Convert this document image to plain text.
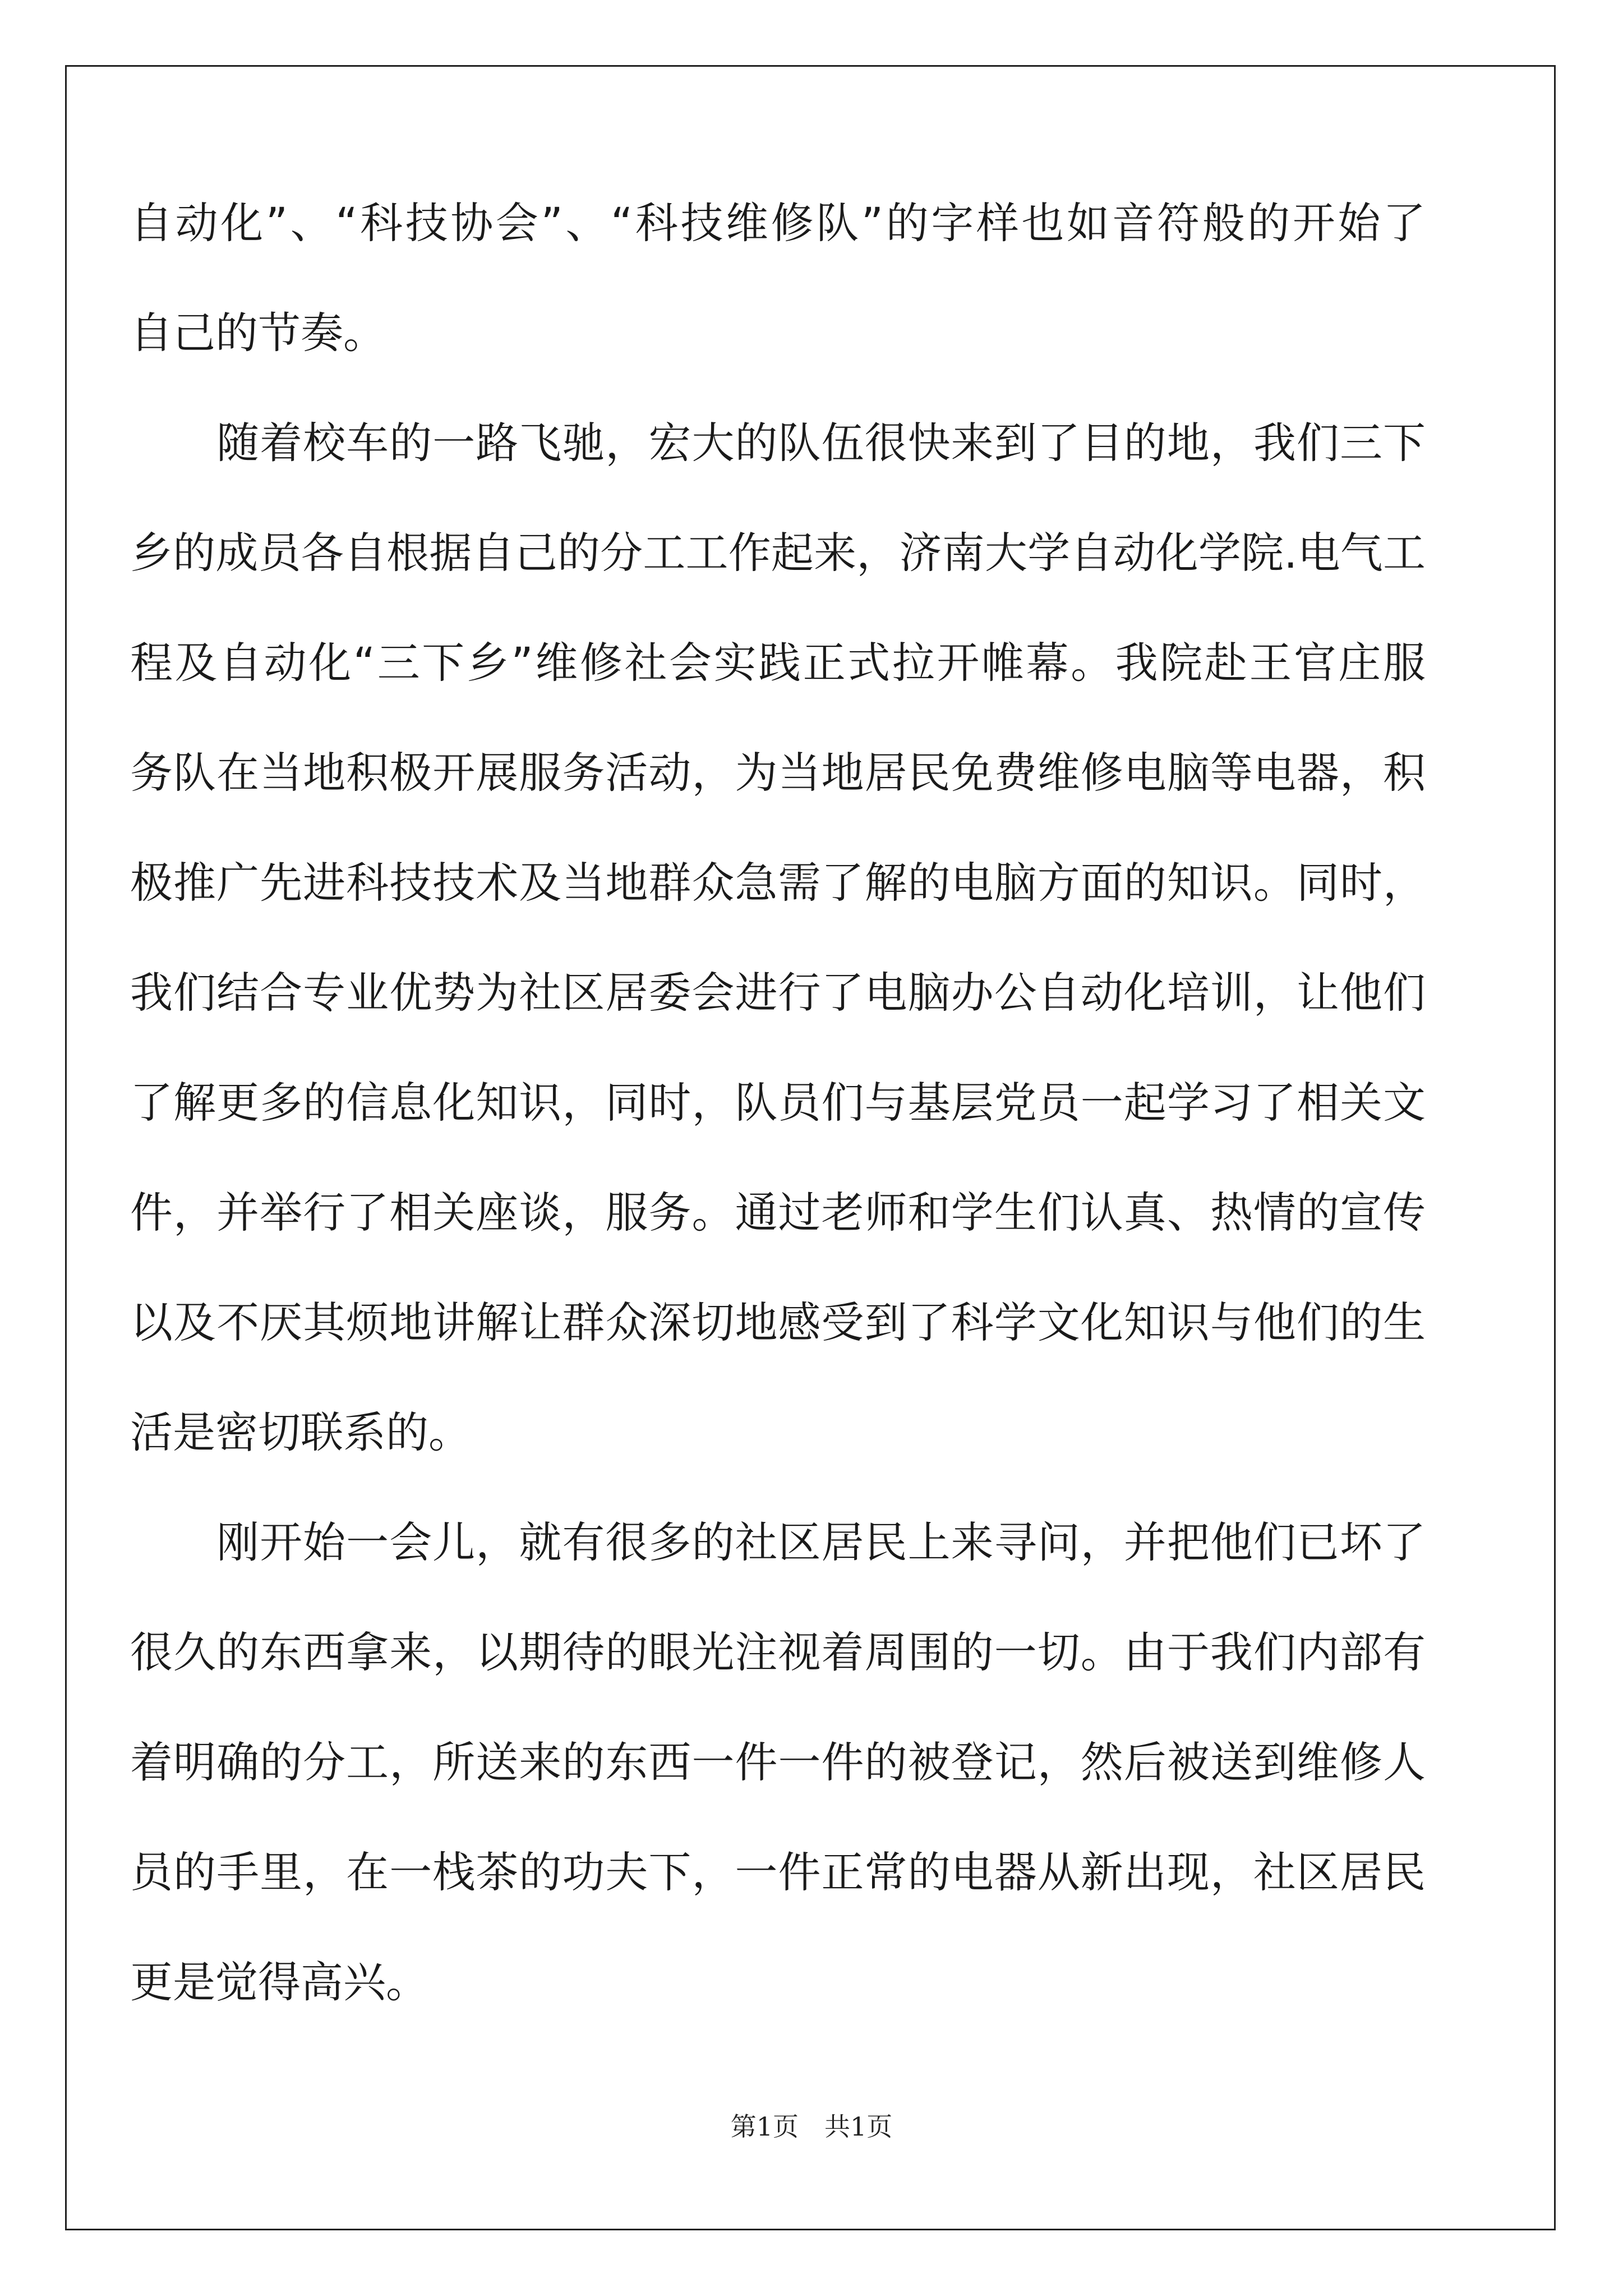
自动化”、“科技协会”、“科技维修队”的字样也如音符般的开始了
自己的节奏。
　　随着校车的一路飞驰，宏大的队伍很快来到了目的地，我们三下
乡的成员各自根据自己的分工工作起来，济南大学自动化学院.电气工
程及自动化“三下乡”维修社会实践正式拉开帷幕。我院赴王官庄服
务队在当地积极开展服务活动，为当地居民免费维修电脑等电器，积
极推广先进科技技术及当地群众急需了解的电脑方面的知识。同时，
我们结合专业优势为社区居委会进行了电脑办公自动化培训，让他们
了解更多的信息化知识，同时，队员们与基层党员一起学习了相关文
件，并举行了相关座谈，服务。通过老师和学生们认真、热情的宣传
以及不厌其烦地讲解让群众深切地感受到了科学文化知识与他们的生
活是密切联系的。
　　刚开始一会儿，就有很多的社区居民上来寻问，并把他们已坏了
很久的东西拿来，以期待的眼光注视着周围的一切。由于我们内部有
着明确的分工，所送来的东西一件一件的被登记，然后被送到维修人
员的手里，在一栈茶的功夫下，一件正常的电器从新出现，社区居民
更是觉得高兴。
第1页　共1页
